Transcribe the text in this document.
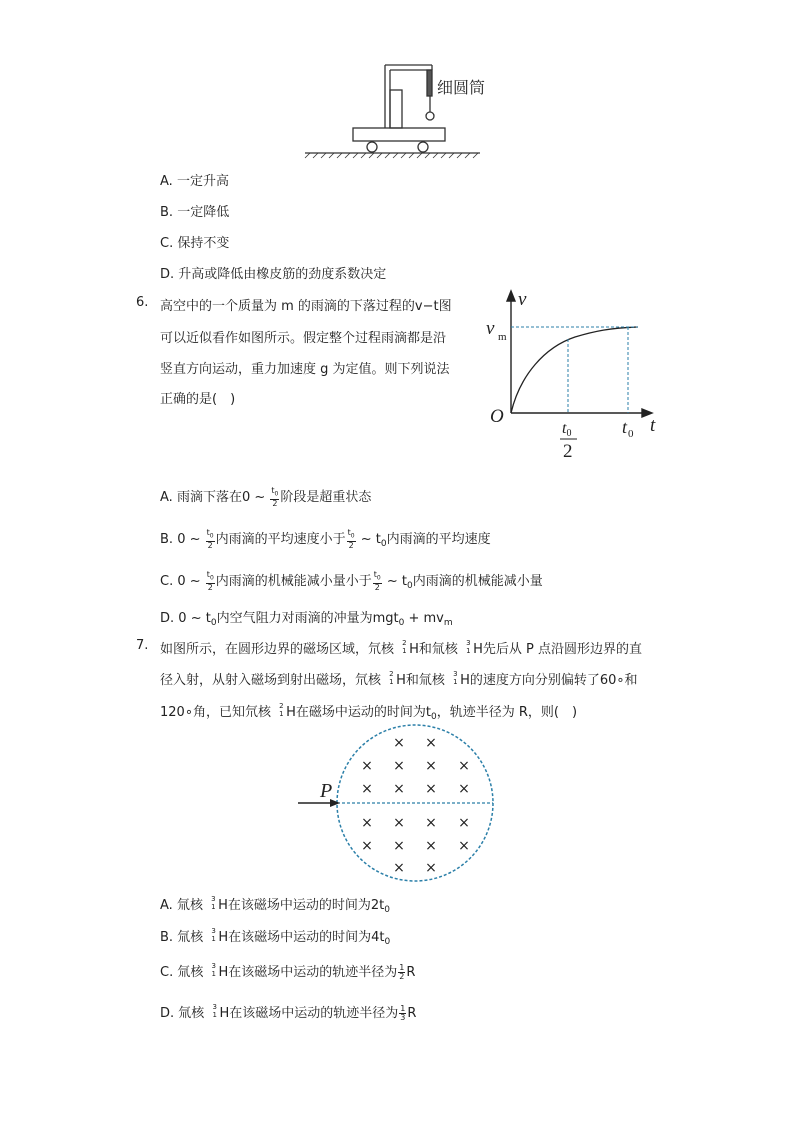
细圆筒
A. 一定升高
B. 一定降低
C. 保持不变
D. 升高或降低由橡皮筋的劲度系数决定
6. 高空中的一个质量为 m 的雨滴的下落过程的v−t图
可以近似看作如图所示。假定整个过程雨滴都是沿
竖直方向运动，重力加速度 g 为定值。则下列说法
正确的是(　)
v
t
O
v m
t 0
t0
2
A. 雨滴下落在0 ~ $\frac{t_0}{2}$ 阶段是超重状态
B. 0 ~ $\frac{t_0}{2}$ 内雨滴的平均速度小于 $\frac{t_0}{2}$ ~ $t_0$内雨滴的平均速度
C. 0 ~ $\frac{t_0}{2}$ 内雨滴的机械能减小量小于 $\frac{t_0}{2}$ ~ $t_0$内雨滴的机械能减小量
D. 0 ~ $t_0$内空气阻力对雨滴的冲量为$mgt_0 + mv_m$
7. 如图所示，在圆形边界的磁场区域，氘核 2
1 H和氚核 3
1 H先后从 P 点沿圆形边界的直
径入射，从射入磁场到射出磁场，氘核 2
1 H和氚核 3
1 H的速度方向分别偏转了60∘和
120∘角，已知氘核 2
1 H在磁场中运动的时间为$t_0$，轨迹半径为 R，则(　)
P
× ×
× × × ×
× × × ×
× × × ×
× × × ×
× ×
A. 氚核 3
1 H在该磁场中运动的时间为$2t_0$
B. 氚核 3
1 H在该磁场中运动的时间为$4t_0$
C. 氚核 3
1 H在该磁场中运动的轨迹半径为 $\frac{1}{2}$ R
D. 氚核 3
1 H在该磁场中运动的轨迹半径为 $\frac{1}{3}$ R
